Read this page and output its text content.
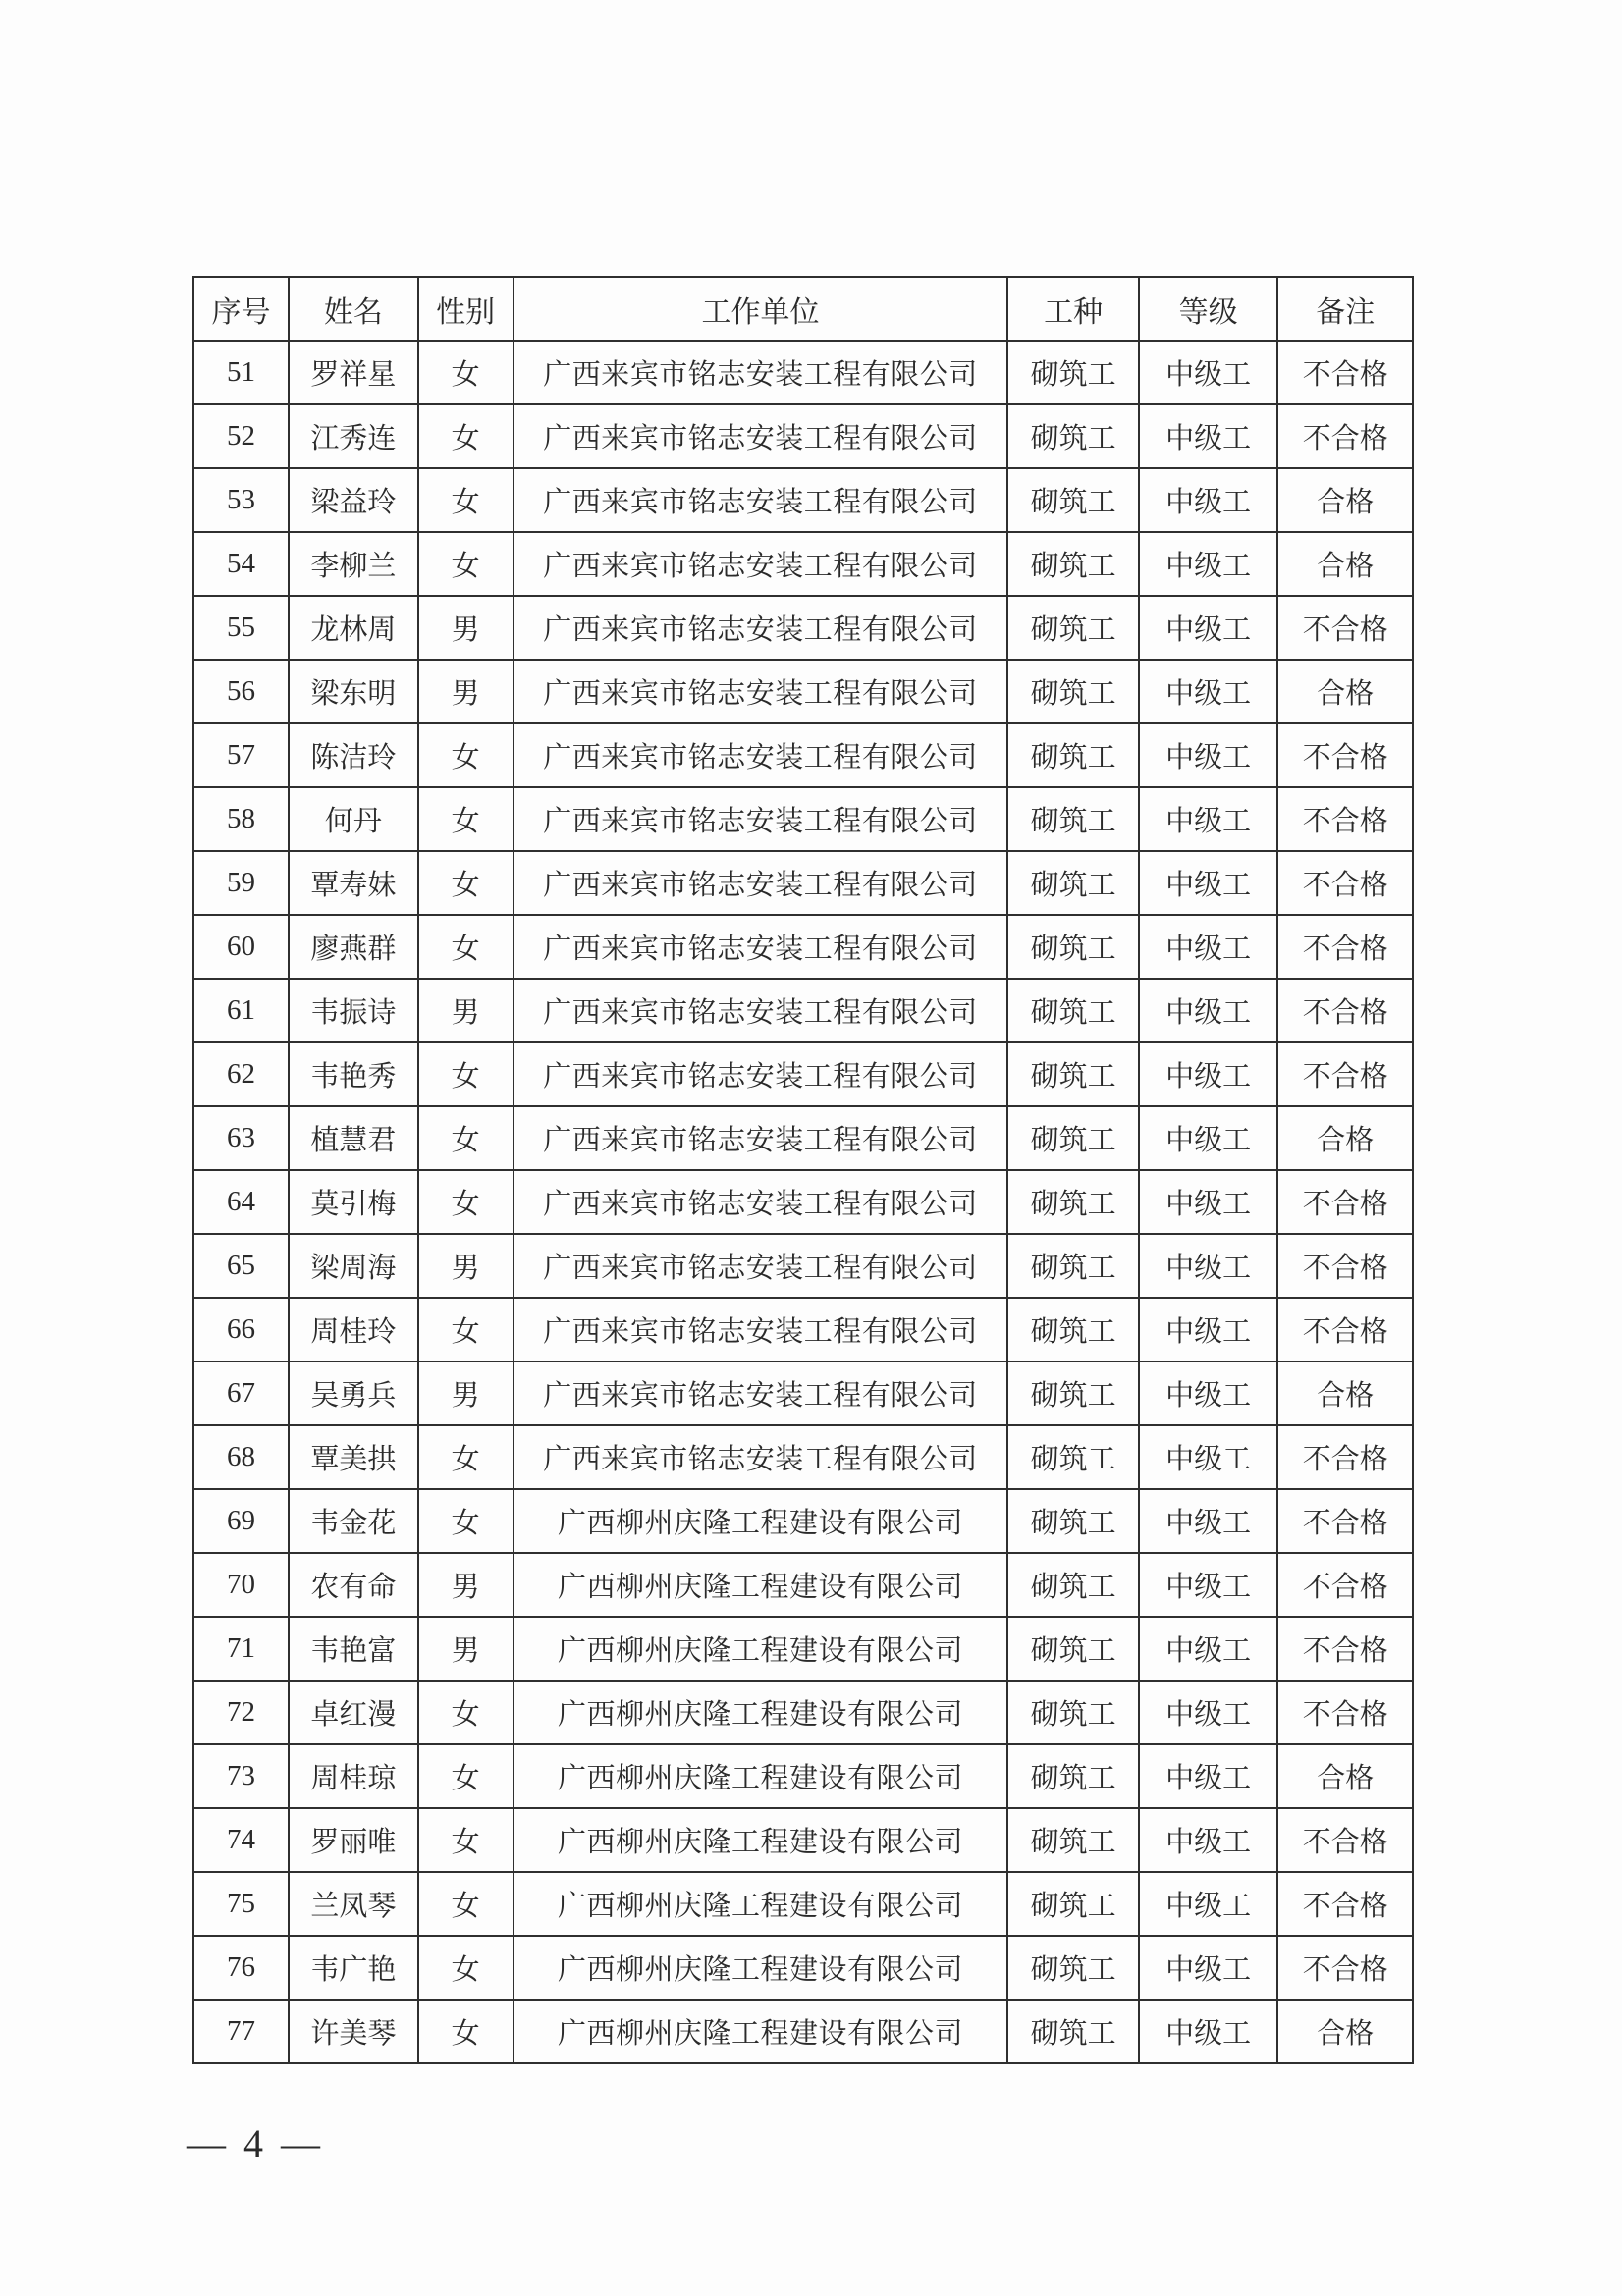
序号	姓名	性别	工作单位	工种	等级	备注
51	罗祥星	女	广西来宾市铭志安装工程有限公司	砌筑工	中级工	不合格
52	江秀连	女	广西来宾市铭志安装工程有限公司	砌筑工	中级工	不合格
53	梁益玲	女	广西来宾市铭志安装工程有限公司	砌筑工	中级工	合格
54	李柳兰	女	广西来宾市铭志安装工程有限公司	砌筑工	中级工	合格
55	龙林周	男	广西来宾市铭志安装工程有限公司	砌筑工	中级工	不合格
56	梁东明	男	广西来宾市铭志安装工程有限公司	砌筑工	中级工	合格
57	陈洁玲	女	广西来宾市铭志安装工程有限公司	砌筑工	中级工	不合格
58	何丹	女	广西来宾市铭志安装工程有限公司	砌筑工	中级工	不合格
59	覃寿妹	女	广西来宾市铭志安装工程有限公司	砌筑工	中级工	不合格
60	廖燕群	女	广西来宾市铭志安装工程有限公司	砌筑工	中级工	不合格
61	韦振诗	男	广西来宾市铭志安装工程有限公司	砌筑工	中级工	不合格
62	韦艳秀	女	广西来宾市铭志安装工程有限公司	砌筑工	中级工	不合格
63	植慧君	女	广西来宾市铭志安装工程有限公司	砌筑工	中级工	合格
64	莫引梅	女	广西来宾市铭志安装工程有限公司	砌筑工	中级工	不合格
65	梁周海	男	广西来宾市铭志安装工程有限公司	砌筑工	中级工	不合格
66	周桂玲	女	广西来宾市铭志安装工程有限公司	砌筑工	中级工	不合格
67	吴勇兵	男	广西来宾市铭志安装工程有限公司	砌筑工	中级工	合格
68	覃美拱	女	广西来宾市铭志安装工程有限公司	砌筑工	中级工	不合格
69	韦金花	女	广西柳州庆隆工程建设有限公司	砌筑工	中级工	不合格
70	农有命	男	广西柳州庆隆工程建设有限公司	砌筑工	中级工	不合格
71	韦艳富	男	广西柳州庆隆工程建设有限公司	砌筑工	中级工	不合格
72	卓红漫	女	广西柳州庆隆工程建设有限公司	砌筑工	中级工	不合格
73	周桂琼	女	广西柳州庆隆工程建设有限公司	砌筑工	中级工	合格
74	罗丽唯	女	广西柳州庆隆工程建设有限公司	砌筑工	中级工	不合格
75	兰凤琴	女	广西柳州庆隆工程建设有限公司	砌筑工	中级工	不合格
76	韦广艳	女	广西柳州庆隆工程建设有限公司	砌筑工	中级工	不合格
77	许美琴	女	广西柳州庆隆工程建设有限公司	砌筑工	中级工	合格
— 4 —
